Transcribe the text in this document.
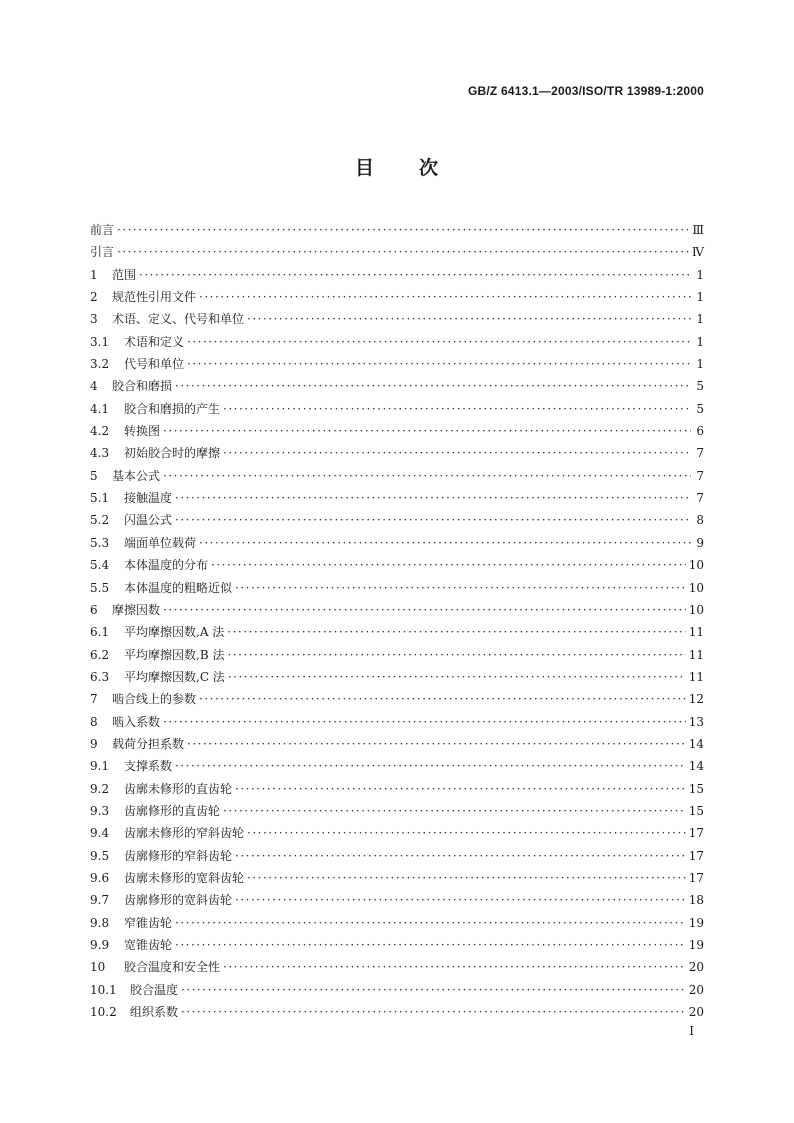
GB/Z 6413.1—2003/ISO/TR 13989-1:2000
目 次
前言 ·····	Ⅲ
引言 ·····	Ⅳ
1	范围 ·····	1
2	规范性引用文件 ·····	1
3	术语、定义、代号和单位 ·····	1
3.1	术语和定义 ·····	1
3.2	代号和单位 ·····	1
4	胶合和磨损 ·····	5
4.1	胶合和磨损的产生 ·····	5
4.2	转换图 ·····	6
4.3	初始胶合时的摩擦 ·····	7
5	基本公式 ·····	7
5.1	接触温度 ·····	7
5.2	闪温公式 ·····	8
5.3	端面单位载荷 ·····	9
5.4	本体温度的分布 ·····	10
5.5	本体温度的粗略近似 ·····	10
6	摩擦因数 ·····	10
6.1	平均摩擦因数,A 法 ·····	11
6.2	平均摩擦因数,B 法 ·····	11
6.3	平均摩擦因数,C 法 ·····	11
7	啮合线上的参数 ·····	12
8	啮入系数 ·····	13
9	载荷分担系数 ·····	14
9.1	支撑系数 ·····	14
9.2	齿廓未修形的直齿轮 ·····	15
9.3	齿廓修形的直齿轮 ·····	15
9.4	齿廓未修形的窄斜齿轮 ·····	17
9.5	齿廓修形的窄斜齿轮 ·····	17
9.6	齿廓未修形的宽斜齿轮 ·····	17
9.7	齿廓修形的宽斜齿轮 ·····	18
9.8	窄锥齿轮 ·····	19
9.9	宽锥齿轮 ·····	19
10	胶合温度和安全性 ·····	20
10.1	胶合温度 ·····	20
10.2	组织系数 ·····	20
I
